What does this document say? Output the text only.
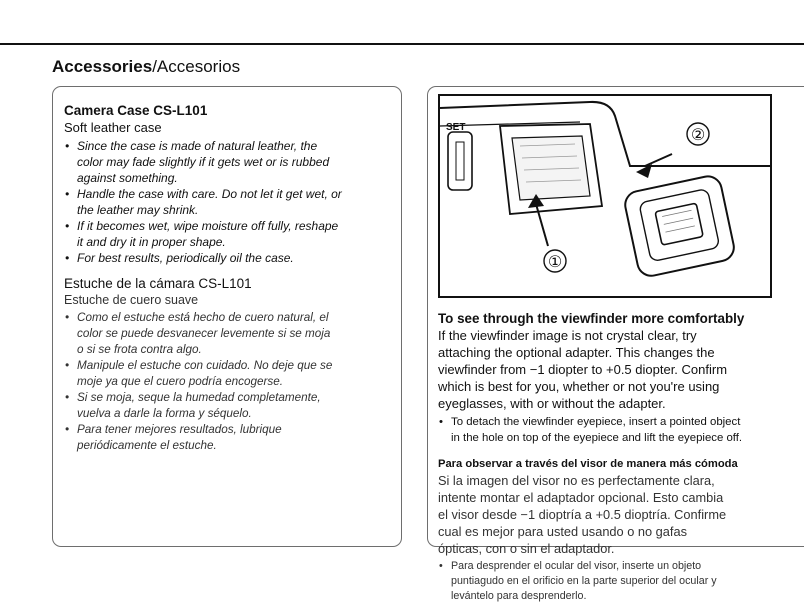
Accessories/Accesorios
Camera Case CS-L101
Soft leather case
• Since the case is made of natural leather, the
color may fade slightly if it gets wet or is rubbed
against something.
• Handle the case with care. Do not let it get wet, or
the leather may shrink.
• If it becomes wet, wipe moisture off fully, reshape
it and dry it in proper shape.
• For best results, periodically oil the case.
Estuche de la cámara CS-L101
Estuche de cuero suave
• Como el estuche está hecho de cuero natural, el
color se puede desvanecer levemente si se moja
o si se frota contra algo.
• Manipule el estuche con cuidado. No deje que se
moje ya que el cuero podría encogerse.
• Si se moja, seque la humedad completamente,
vuelva a darle la forma y séquelo.
• Para tener mejores resultados, lubrique
periódicamente el estuche.
SET
①
②
To see through the viewfinder more comfortably
If the viewfinder image is not crystal clear, try
attaching the optional adapter. This changes the
viewfinder from −1 diopter to +0.5 diopter. Confirm
which is best for you, whether or not you're using
eyeglasses, with or without the adapter.
• To detach the viewfinder eyepiece, insert a pointed object
in the hole on top of the eyepiece and lift the eyepiece off.
Para observar a través del visor de manera más cómoda
Si la imagen del visor no es perfectamente clara,
intente montar el adaptador opcional. Esto cambia
el visor desde −1 dioptría a +0.5 dioptría. Confirme
cual es mejor para usted usando o no gafas
ópticas, con o sin el adaptador.
• Para desprender el ocular del visor, inserte un objeto
puntiagudo en el orificio en la parte superior del ocular y
levántelo para desprenderlo.
